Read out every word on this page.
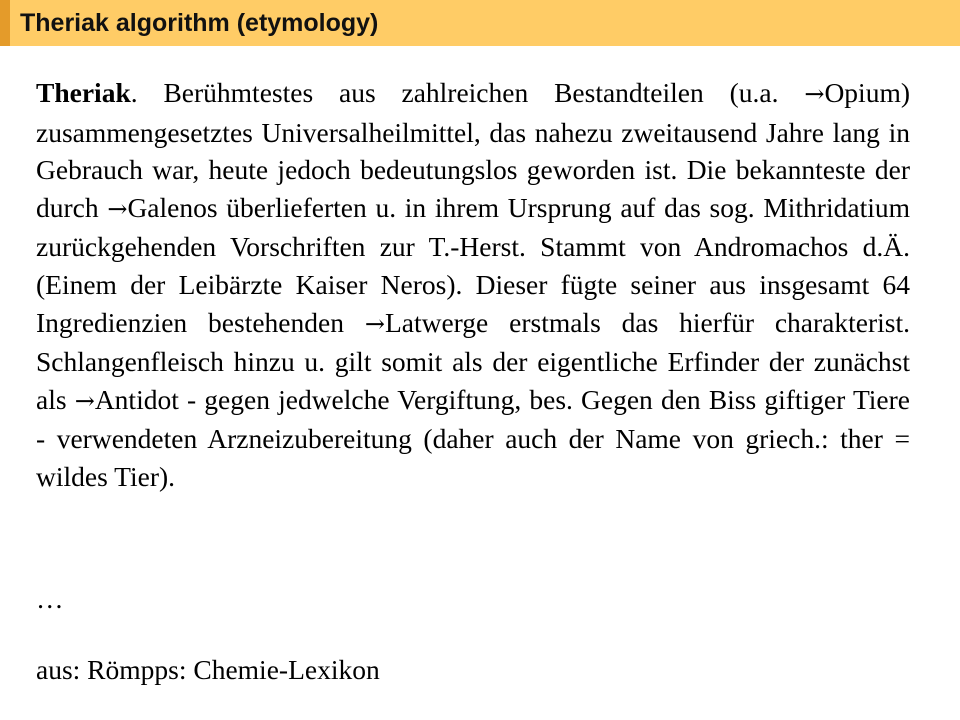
Theriak algorithm (etymology)
Theriak. Berühmtestes aus zahlreichen Bestandteilen (u.a. →Opium) zusammengesetztes Universalheilmittel, das nahezu zweitausend Jahre lang in Gebrauch war, heute jedoch bedeutungslos geworden ist. Die bekannteste der durch →Galenos überlieferten u. in ihrem Ursprung auf das sog. Mithridatium zurückgehenden Vorschriften zur T.-Herst. Stammt von Andromachos d.Ä. (Einem der Leibärzte Kaiser Neros). Dieser fügte seiner aus insgesamt 64 Ingredienzien bestehenden →Latwerge erstmals das hierfür charakterist. Schlangenfleisch hinzu u. gilt somit als der eigentliche Erfinder der zunächst als →Antidot - gegen jedwelche Vergiftung, bes. Gegen den Biss giftiger Tiere - verwendeten Arzneizubereitung (daher auch der Name von griech.: ther = wildes Tier).
…
aus: Römpps: Chemie-Lexikon
